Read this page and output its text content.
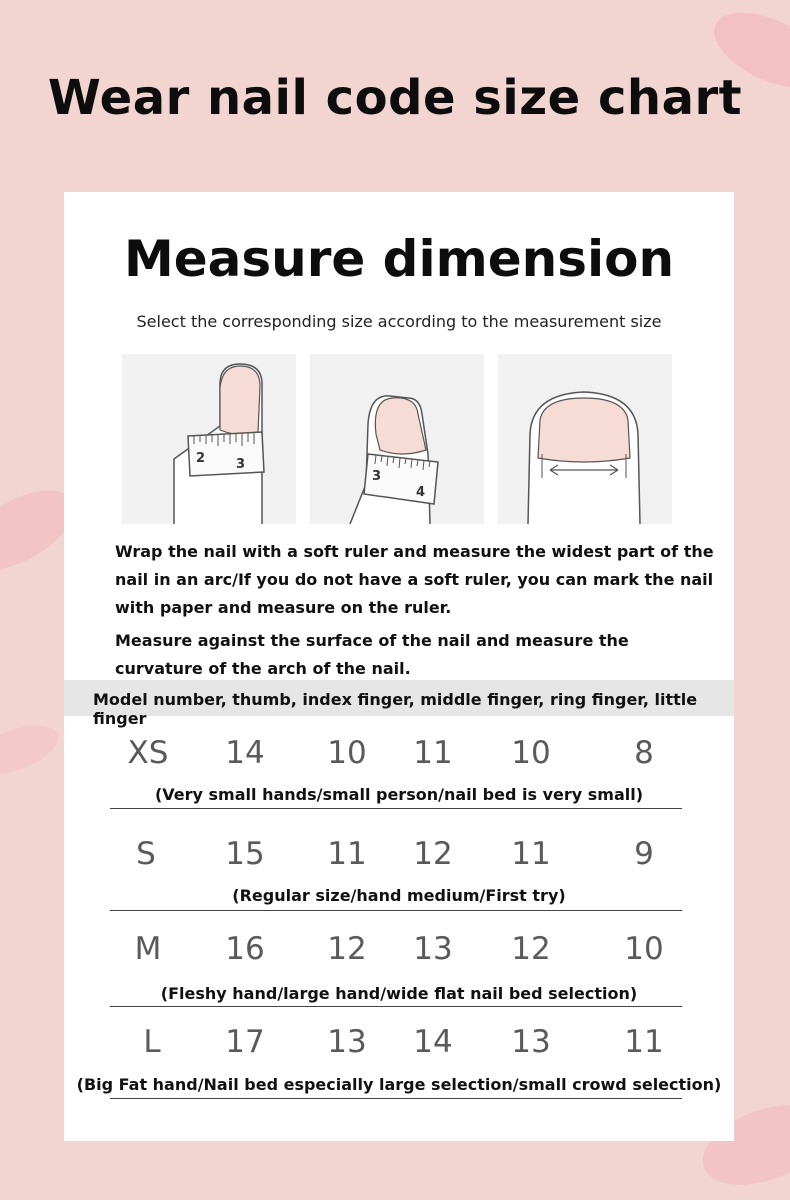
Wear nail code size chart
Measure dimension
Select the corresponding size according to the measurement size
2 3
3
4
Wrap the nail with a soft ruler and measure the widest part of the nail in an arc/If you do not have a soft ruler, you can mark the nail with paper and measure on the ruler.
Measure against the surface of the nail and measure the curvature of the arch of the nail.
Model number, thumb, index finger, middle finger, ring finger, little finger
XS	14	10	11	10	8
(Very small hands/small person/nail bed is very small)
S	15	11	12	11	9
(Regular size/hand medium/First try)
M	16	12	13	12	10
(Fleshy hand/large hand/wide flat nail bed selection)
L	17	13	14	13	11
(Big Fat hand/Nail bed especially large selection/small crowd selection)
